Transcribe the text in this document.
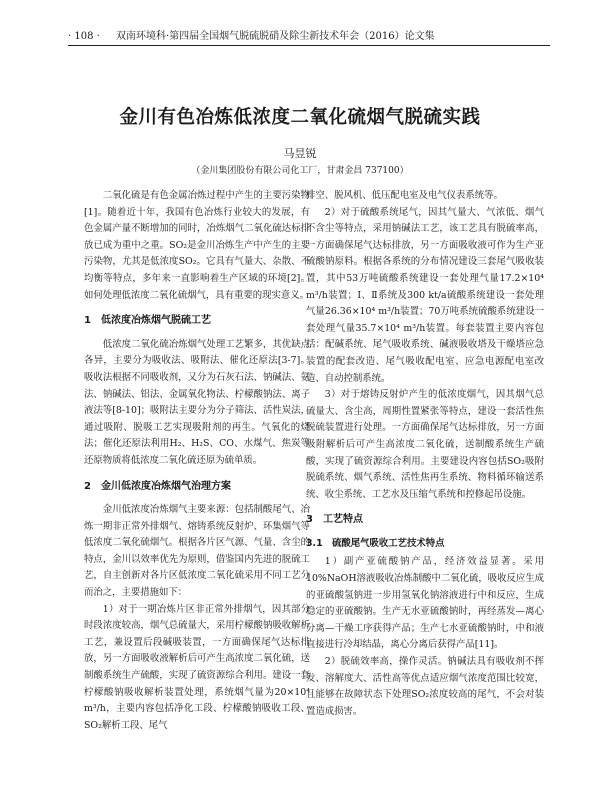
· 108 ·	双南环境科·第四届全国烟气脱硫脱硝及除尘新技术年会（2016）论文集
金川有色冶炼低浓度二氧化硫烟气脱硫实践
马昱锐
（金川集团股份有限公司化工厂，甘肃金昌 737100）

二氧化硫是有色金属冶炼过程中产生的主要污染物[1]。随着近十年，我国有色冶炼行业较大的发展，有色金属产量不断增加的同时，冶炼烟气二氧化硫达标排放已成为重中之重。SO₂是金川冶炼生产中产生的主要污染物，尤其是低浓度SO₂。它具有气量大、杂散、不均衡等特点，多年来一直影响着生产区域的环境[2]。如何处理低浓度二氧化硫烟气，具有重要的现实意义。

1　低浓度冶炼烟气脱硫工艺

低浓度二氧化硫冶炼烟气处理工艺繁多，其优缺点各异，主要分为吸收法、吸附法、催化还原法[3-7]。吸收法根据不同吸收剂，又分为石灰石法、钠碱法、氨法、钠碱法、铝法、金属氧化物法、柠檬酸钠法、离子液法等[8-10]；吸附法主要分为分子筛法、活性炭法，通过吸附、脱吸工艺实现吸附剂的再生。气氧化的烧法；催化还原法利用H₂、H₂S、CO、水煤气、焦炭等还原物质将低浓度二氧化硫还原为硫单质。

2　金川低浓度冶炼烟气治理方案

金川低浓度冶炼烟气主要来源：包括制酸尾气、冶炼一期非正常外排烟气、熔铸系统反射炉、环集烟气等低浓度二氧化硫烟气。根据各片区气源、气量、含尘的特点，金川以效率优先为原则，借鉴国内先进的脱硫工艺，自主创新对各片区低浓度二氧化硫采用不同工艺分而治之，主要措施如下：

1）对于一期冶炼片区非正常外排烟气，因其部分时段浓度较高，烟气总硫量大，采用柠檬酸钠吸收解析工艺，兼设置后段碱吸装置，一方面确保尾气达标排放，另一方面吸收液解析后可产生高浓度二氧化硫，送制酸系统生产硫酸，实现了硫资源综合利用。建设一套柠檬酸钠吸收解析装置处理，系统烟气量为20×10⁴ m³/h，主要内容包括净化工段、柠檬酸钠吸收工段、SO₂解析工段、尾气

排空、脱风机、低压配电室及电气仪表系统等。

2）对于硫酸系统尾气，因其气量大、气浓低、烟气不含尘等特点，采用钠碱法工艺，该工艺具有脱硫率高，一方面确保尾气达标排放，另一方面吸收液可作为生产亚硫酸钠原料。根据各系统的分布情况建设三套尾气吸收装置，其中53万吨硫酸系统建设一套处理气量17.2×10⁴ m³/h装置；Ⅰ、Ⅱ系统及300 kt/a硫酸系统建设一套处理气量26.36×10⁴ m³/h装置；70万吨系统硫酸系统建设一套处理气量35.7×10⁴ m³/h装置。每套装置主要内容包括：配碱系统、尾气吸收系统、碱液吸收塔及干燥塔应急装置的配套改造、尾气吸收配电室、应急电源配电室改造、自动控制系统。

3）对于熔铸反射炉产生的低浓度烟气，因其烟气总硫量大、含尘高，周期性置紧张等特点，建设一套活性焦脱硫装置进行处理。一方面确保尾气达标排放，另一方面吸附解析后可产生高浓度二氧化硫，送制酸系统生产硫酸，实现了硫资源综合利用。主要建设内容包括SO₂吸附脱硫系统、烟气系统、活性焦再生系统、物料循环输送系统、收尘系统、工艺水及压缩气系统和控修起吊设施。

3　工艺特点
3.1　硫酸尾气吸收工艺技术特点

1）副产亚硫酸钠产品，经济效益显著。采用10%NaOH溶液吸收冶炼制酸中二氧化硫，吸收反应生成的亚硫酸氢钠进一步用氢氧化钠溶液进行中和反应，生成稳定的亚硫酸钠。生产无水亚硫酸钠时，再经蒸发—离心分离—干燥工序获得产品；生产七水亚硫酸钠时，中和液直接进行冷却结晶，离心分离后获得产品[11]。

2）脱硫效率高，操作灵活。钠碱法具有吸收剂不挥发、溶解度大、活性高等优点适应烟气浓度范围比较宽，且能够在故障状态下处理SO₂浓度较高的尾气，不会对装置造成损害。
